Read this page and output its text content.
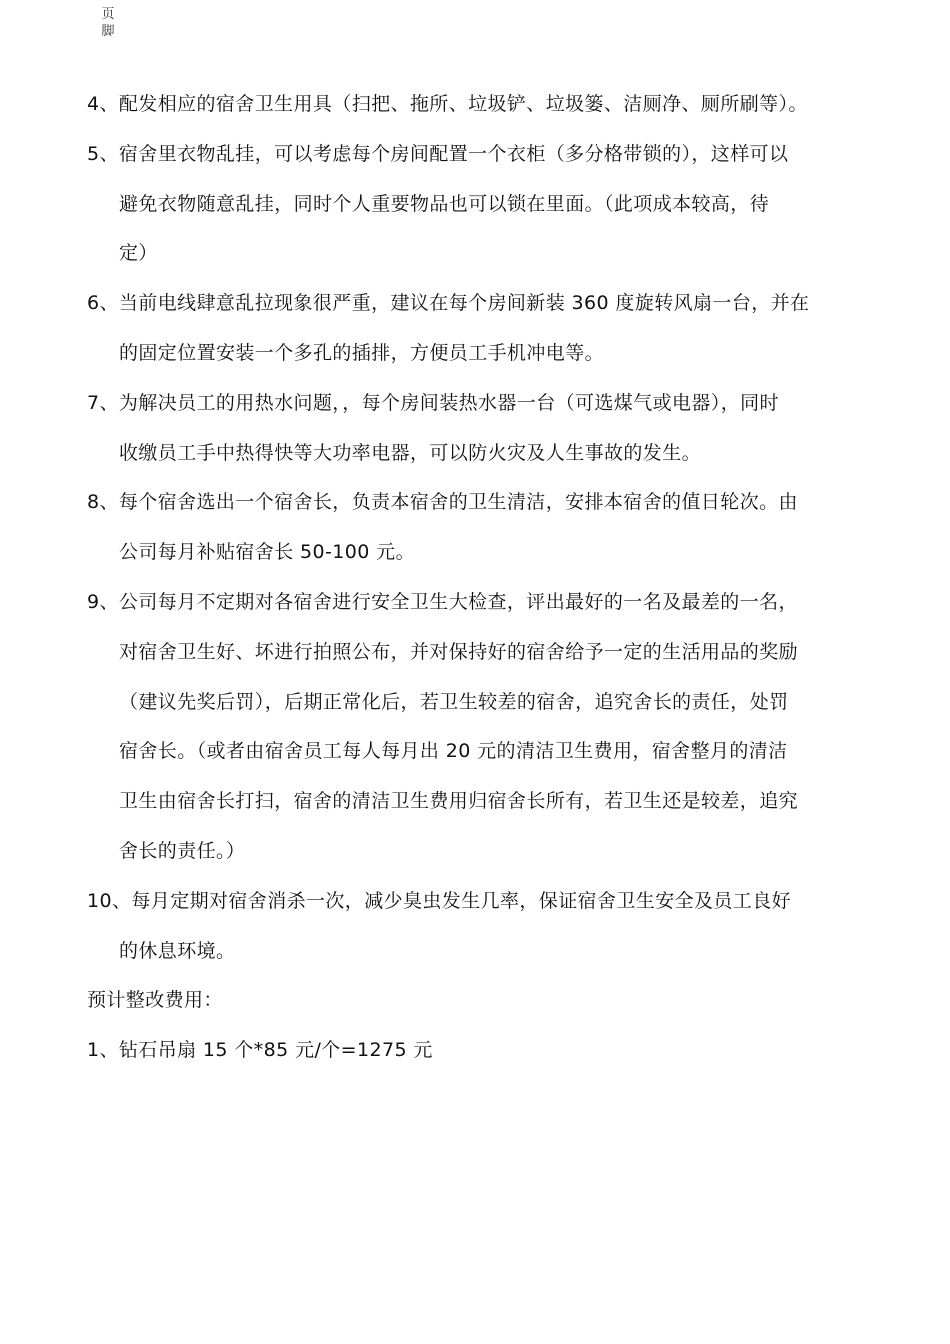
页
脚
4、配发相应的宿舍卫生用具（扫把、拖所、垃圾铲、垃圾篓、洁厕净、厕所刷等）。
5、宿舍里衣物乱挂，可以考虑每个房间配置一个衣柜（多分格带锁的），这样可以
避免衣物随意乱挂，同时个人重要物品也可以锁在里面。（此项成本较高，待
定）
6、当前电线肆意乱拉现象很严重，建议在每个房间新装 360 度旋转风扇一台，并在
的固定位置安装一个多孔的插排，方便员工手机冲电等。
7、为解决员工的用热水问题，，每个房间装热水器一台（可选煤气或电器），同时
收缴员工手中热得快等大功率电器，可以防火灾及人生事故的发生。
8、每个宿舍选出一个宿舍长，负责本宿舍的卫生清洁，安排本宿舍的值日轮次。由
公司每月补贴宿舍长 50-100 元。
9、公司每月不定期对各宿舍进行安全卫生大检查，评出最好的一名及最差的一名，
对宿舍卫生好、坏进行拍照公布，并对保持好的宿舍给予一定的生活用品的奖励
（建议先奖后罚），后期正常化后，若卫生较差的宿舍，追究舍长的责任，处罚
宿舍长。（或者由宿舍员工每人每月出 20 元的清洁卫生费用，宿舍整月的清洁
卫生由宿舍长打扫，宿舍的清洁卫生费用归宿舍长所有，若卫生还是较差，追究
舍长的责任。）
10、每月定期对宿舍消杀一次，减少臭虫发生几率，保证宿舍卫生安全及员工良好
的休息环境。
预计整改费用：
1、钻石吊扇 15 个*85 元/个=1275 元
